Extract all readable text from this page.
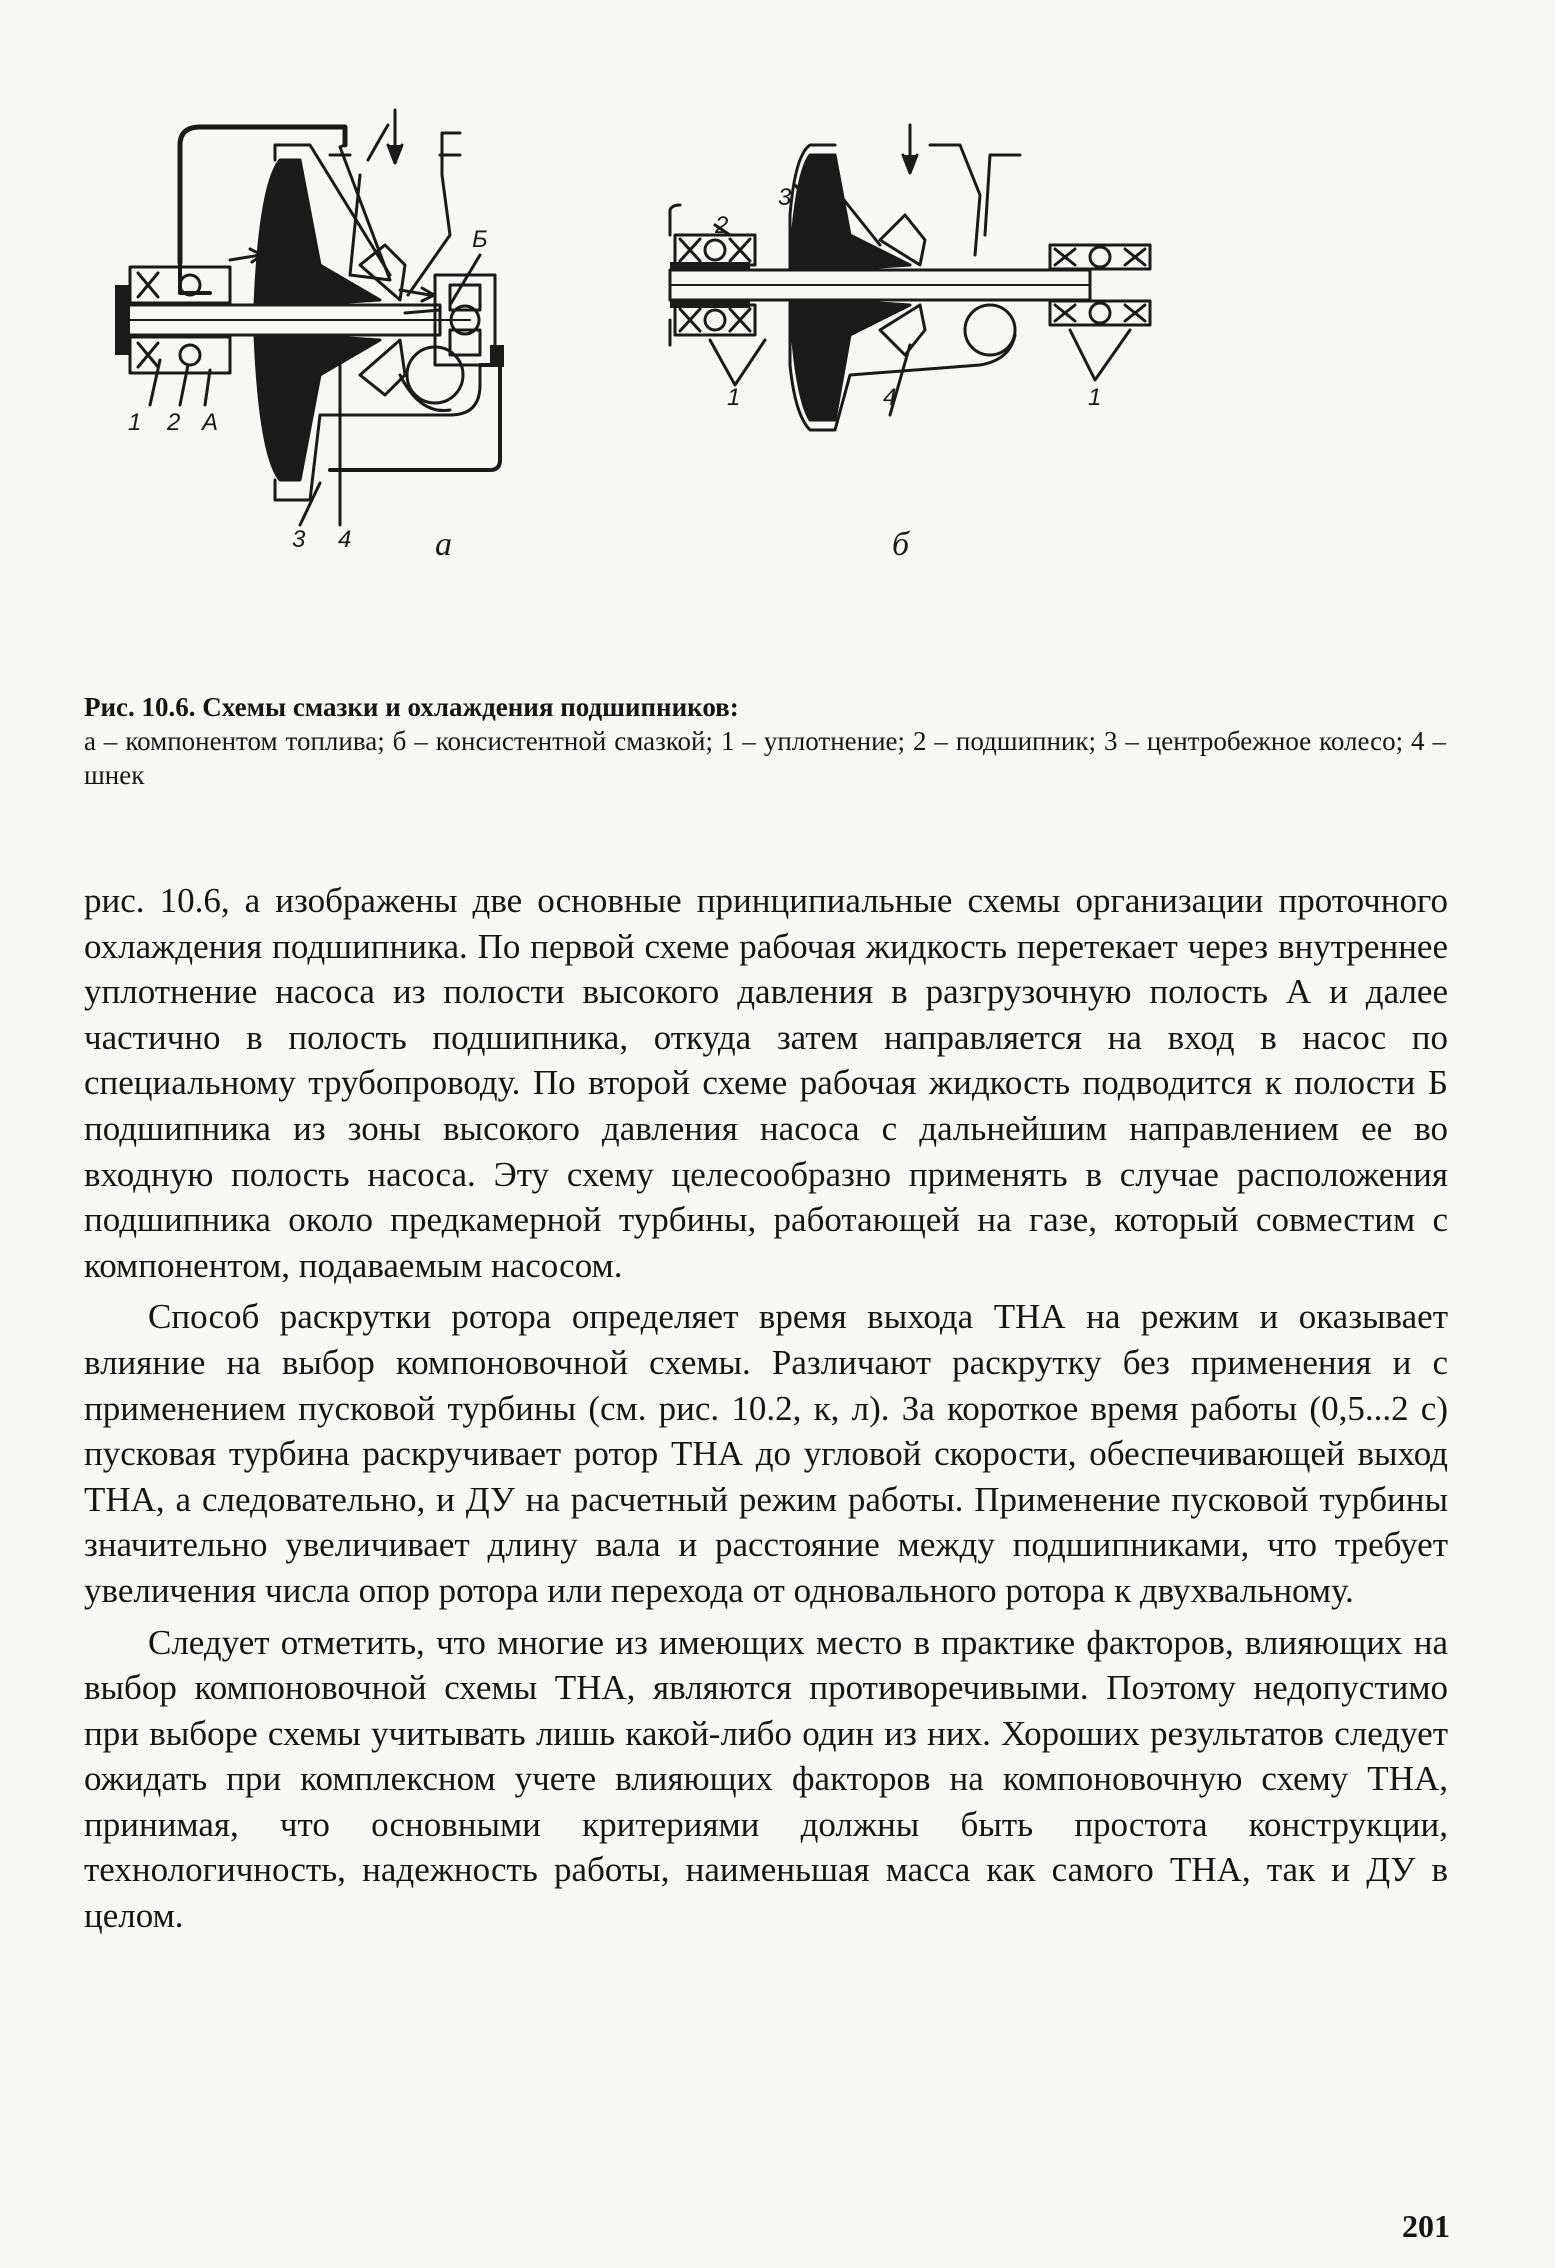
1 2 A
3 4
Б
а
3
2
1	4	1
б
Рис. 10.6. Схемы смазки и охлаждения подшипников:
а – компонентом топлива; б – консистентной смазкой; 1 – уплотнение; 2 – подшипник; 3 – центробежное колесо; 4 – шнек

рис. 10.6, а изображены две основные принципиальные схемы организации проточного охлаждения подшипника. По первой схеме рабочая жидкость перетекает через внутреннее уплотнение насоса из полости высокого давления в разгрузочную полость А и далее частично в полость подшипника, откуда затем направляется на вход в насос по специальному трубопроводу. По второй схеме рабочая жидкость подводится к полости Б подшипника из зоны высокого давления насоса с дальнейшим направлением ее во входную полость насоса. Эту схему целесообразно применять в случае расположения подшипника около предкамерной турбины, работающей на газе, который совместим с компонентом, подаваемым насосом.

Способ раскрутки ротора определяет время выхода ТНА на режим и оказывает влияние на выбор компоновочной схемы. Различают раскрутку без применения и с применением пусковой турбины (см. рис. 10.2, к, л). За короткое время работы (0,5...2 с) пусковая турбина раскручивает ротор ТНА до угловой скорости, обеспечивающей выход ТНА, а следовательно, и ДУ на расчетный режим работы. Применение пусковой турбины значительно увеличивает длину вала и расстояние между подшипниками, что требует увеличения числа опор ротора или перехода от одновального ротора к двухвальному.

Следует отметить, что многие из имеющих место в практике факторов, влияющих на выбор компоновочной схемы ТНА, являются противоречивыми. Поэтому недопустимо при выборе схемы учитывать лишь какой-либо один из них. Хороших результатов следует ожидать при комплексном учете влияющих факторов на компоновочную схему ТНА, принимая, что основными критериями должны быть простота конструкции, технологичность, надежность работы, наименьшая масса как самого ТНА, так и ДУ в целом.

201
